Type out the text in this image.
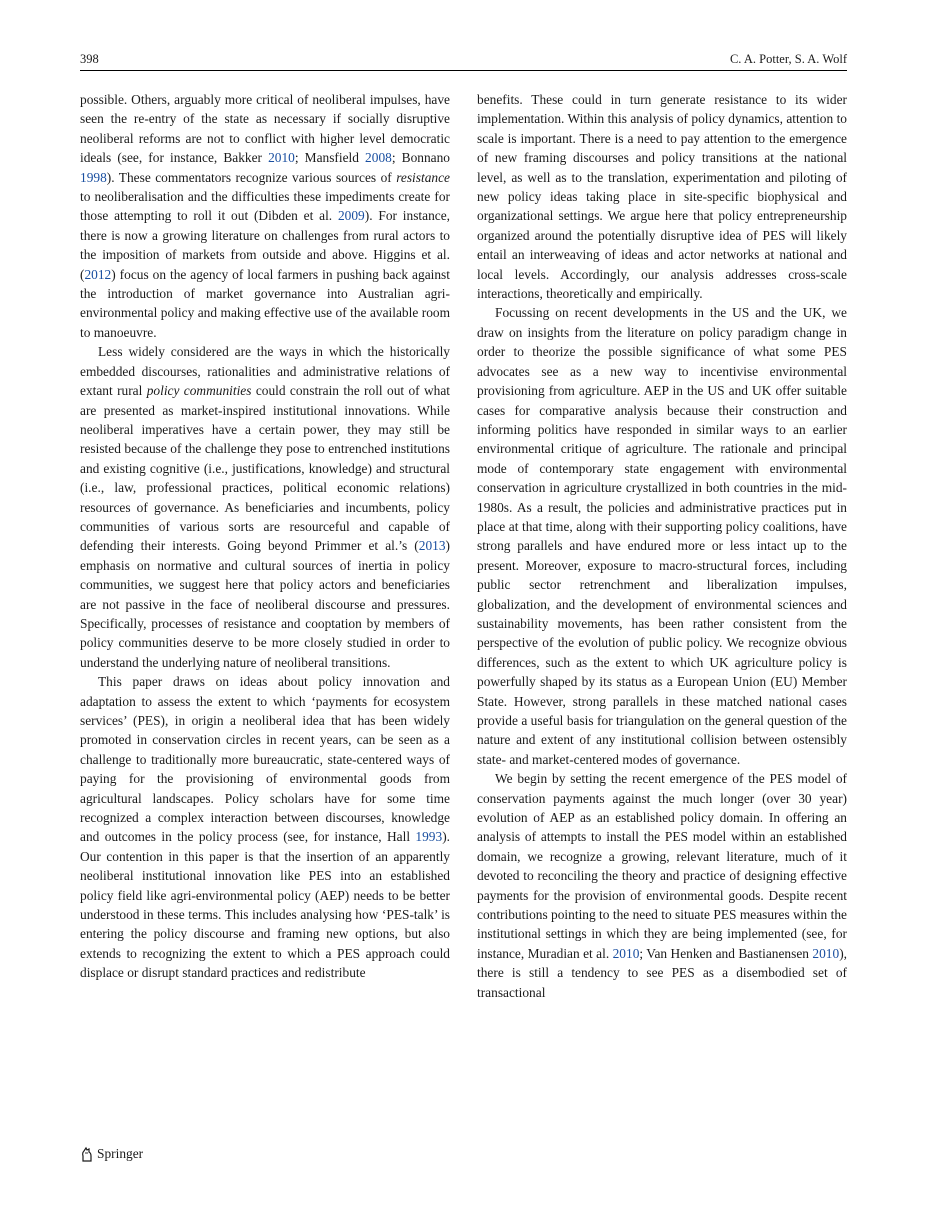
398	C. A. Potter, S. A. Wolf

possible. Others, arguably more critical of neoliberal impulses, have seen the re-entry of the state as necessary if socially disruptive neoliberal reforms are not to conflict with higher level democratic ideals (see, for instance, Bakker 2010; Mansfield 2008; Bonnano 1998). These commentators recognize various sources of resistance to neoliberalisation and the difficulties these impediments create for those attempting to roll it out (Dibden et al. 2009). For instance, there is now a growing literature on challenges from rural actors to the imposition of markets from outside and above. Higgins et al. (2012) focus on the agency of local farmers in pushing back against the introduction of market governance into Australian agri-environmental policy and making effective use of the available room to manoeuvre.

Less widely considered are the ways in which the historically embedded discourses, rationalities and administrative relations of extant rural policy communities could constrain the roll out of what are presented as market-inspired institutional innovations. While neoliberal imperatives have a certain power, they may still be resisted because of the challenge they pose to entrenched institutions and existing cognitive (i.e., justifications, knowledge) and structural (i.e., law, professional practices, political economic relations) resources of governance. As beneficiaries and incumbents, policy communities of various sorts are resourceful and capable of defending their interests. Going beyond Primmer et al.’s (2013) emphasis on normative and cultural sources of inertia in policy communities, we suggest here that policy actors and beneficiaries are not passive in the face of neoliberal discourse and pressures. Specifically, processes of resistance and cooptation by members of policy communities deserve to be more closely studied in order to understand the underlying nature of neoliberal transitions.

This paper draws on ideas about policy innovation and adaptation to assess the extent to which ‘payments for ecosystem services’ (PES), in origin a neoliberal idea that has been widely promoted in conservation circles in recent years, can be seen as a challenge to traditionally more bureaucratic, state-centered ways of paying for the provisioning of environmental goods from agricultural landscapes. Policy scholars have for some time recognized a complex interaction between discourses, knowledge and outcomes in the policy process (see, for instance, Hall 1993). Our contention in this paper is that the insertion of an apparently neoliberal institutional innovation like PES into an established policy field like agri-environmental policy (AEP) needs to be better understood in these terms. This includes analysing how ‘PES-talk’ is entering the policy discourse and framing new options, but also extends to recognizing the extent to which a PES approach could displace or disrupt standard practices and redistribute

benefits. These could in turn generate resistance to its wider implementation. Within this analysis of policy dynamics, attention to scale is important. There is a need to pay attention to the emergence of new framing discourses and policy transitions at the national level, as well as to the translation, experimentation and piloting of new policy ideas taking place in site-specific biophysical and organizational settings. We argue here that policy entrepreneurship organized around the potentially disruptive idea of PES will likely entail an interweaving of ideas and actor networks at national and local levels. Accordingly, our analysis addresses cross-scale interactions, theoretically and empirically.

Focussing on recent developments in the US and the UK, we draw on insights from the literature on policy paradigm change in order to theorize the possible significance of what some PES advocates see as a new way to incentivise environmental provisioning from agriculture. AEP in the US and UK offer suitable cases for comparative analysis because their construction and informing politics have responded in similar ways to an earlier environmental critique of agriculture. The rationale and principal mode of contemporary state engagement with environmental conservation in agriculture crystallized in both countries in the mid-1980s. As a result, the policies and administrative practices put in place at that time, along with their supporting policy coalitions, have strong parallels and have endured more or less intact up to the present. Moreover, exposure to macro-structural forces, including public sector retrenchment and liberalization impulses, globalization, and the development of environmental sciences and sustainability movements, has been rather consistent from the perspective of the evolution of public policy. We recognize obvious differences, such as the extent to which UK agriculture policy is powerfully shaped by its status as a European Union (EU) Member State. However, strong parallels in these matched national cases provide a useful basis for triangulation on the general question of the nature and extent of any institutional collision between ostensibly state- and market-centered modes of governance.

We begin by setting the recent emergence of the PES model of conservation payments against the much longer (over 30 year) evolution of AEP as an established policy domain. In offering an analysis of attempts to install the PES model within an established domain, we recognize a growing, relevant literature, much of it devoted to reconciling the theory and practice of designing effective payments for the provision of environmental goods. Despite recent contributions pointing to the need to situate PES measures within the institutional settings in which they are being implemented (see, for instance, Muradian et al. 2010; Van Henken and Bastianensen 2010), there is still a tendency to see PES as a disembodied set of transactional

Springer
